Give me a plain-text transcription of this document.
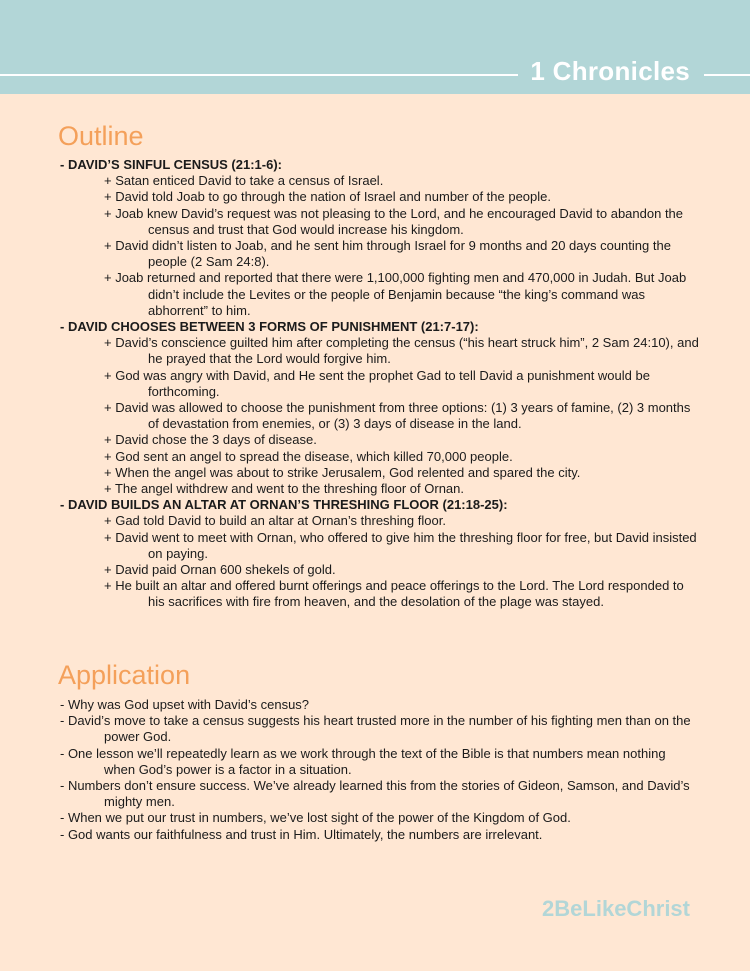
1 Chronicles
Outline
- DAVID’S SINFUL CENSUS (21:1-6):
+ Satan enticed David to take a census of Israel.
+ David told Joab to go through the nation of Israel and number of the people.
+ Joab knew David’s request was not pleasing to the Lord, and he encouraged David to abandon the census and trust that God would increase his kingdom.
+ David didn’t listen to Joab, and he sent him through Israel for 9 months and 20 days counting the people (2 Sam 24:8).
+ Joab returned and reported that there were 1,100,000 fighting men and 470,000 in Judah. But Joab didn’t include the Levites or the people of Benjamin because “the king’s command was abhorrent” to him.
- DAVID CHOOSES BETWEEN 3 FORMS OF PUNISHMENT (21:7-17):
+ David’s conscience guilted him after completing the census (“his heart struck him”, 2 Sam 24:10), and he prayed that the Lord would forgive him.
+ God was angry with David, and He sent the prophet Gad to tell David a punishment would be forthcoming.
+ David was allowed to choose the punishment from three options: (1) 3 years of famine, (2) 3 months of devastation from enemies, or (3) 3 days of disease in the land.
+ David chose the 3 days of disease.
+ God sent an angel to spread the disease, which killed 70,000 people.
+ When the angel was about to strike Jerusalem, God relented and spared the city.
+ The angel withdrew and went to the threshing floor of Ornan.
- DAVID BUILDS AN ALTAR AT ORNAN’S THRESHING FLOOR (21:18-25):
+ Gad told David to build an altar at Ornan’s threshing floor.
+ David went to meet with Ornan, who offered to give him the threshing floor for free, but David insisted on paying.
+ David paid Ornan 600 shekels of gold.
+ He built an altar and offered burnt offerings and peace offerings to the Lord. The Lord responded to his sacrifices with fire from heaven, and the desolation of the plage was stayed.
Application
- Why was God upset with David’s census?
- David’s move to take a census suggests his heart trusted more in the number of his fighting men than on the power God.
- One lesson we’ll repeatedly learn as we work through the text of the Bible is that numbers mean nothing when God’s power is a factor in a situation.
- Numbers don’t ensure success. We’ve already learned this from the stories of Gideon, Samson, and David’s mighty men.
- When we put our trust in numbers, we’ve lost sight of the power of the Kingdom of God.
- God wants our faithfulness and trust in Him. Ultimately, the numbers are irrelevant.
2BeLikeChrist
